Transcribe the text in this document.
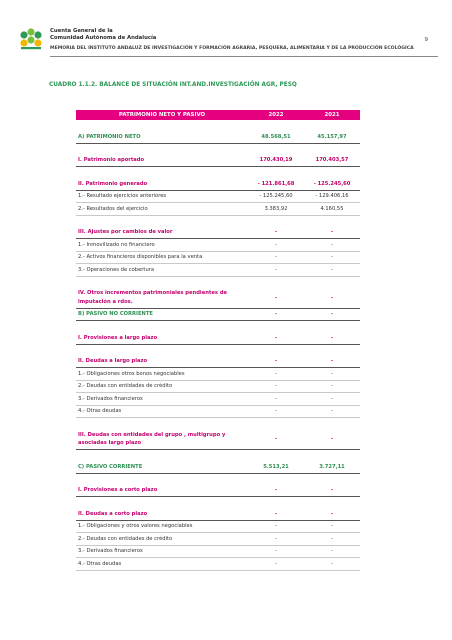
Cuenta General de la
Comunidad Autónoma de Andalucía	9
MEMORIA DEL INSTITUTO ANDALUZ DE INVESTIGACIÓN Y FORMACIÓN AGRARIA, PESQUERA, ALIMENTARIA Y DE LA PRODUCCIÓN ECOLÓGICA
CUADRO 1.1.2. BALANCE DE SITUACIÓN INT.AND.INVESTIGACIÓN AGR, PESQ
PATRIMONIO NETO Y PASIVO	2022	2021

A) PATRIMONIO NETO	48.568,51	45.157,97

I. Patrimonio aportado	170.430,19	170.403,57

II. Patrimonio generado	- 121.861,68	- 125.245,60
1.- Resultado ejercicios anteriores	- 125.245,60	- 129.406,16
2.- Resultados del ejercicio	3.383,92	4.160,55

III. Ajustes por cambios de valor	-	-
1.- Inmovilizado no financiero	-	-
2.- Activos financieros disponibles para la venta	-	-
3.- Operaciones de cobertura	-	-

IV. Otros incrementos patrimoniales pendientes de
imputación a rdos.	-	-
B) PASIVO NO CORRIENTE	-	-

I. Provisiones a largo plazo	-	-

II. Deudas a largo plazo	-	-
1.- Obligaciones otros bonos negociables	-	-
2.- Deudas con entidades de crédito	-	-
3.- Derivados financieros	-	-
4.- Otras deudas	-	-

III. Deudas con entidades del grupo , multigrupo y
asociadas largo plazo	-	-

C) PASIVO CORRIENTE	5.513,21	3.727,11

I. Provisiones a corto plazo	-	-

II. Deudas a corto plazo	-	-
1.- Obligaciones y otros valores negociables	-	-
2.- Deudas con entidades de crédito	-	-
3.- Derivados financieros	-	-
4.- Otras deudas	-	-
